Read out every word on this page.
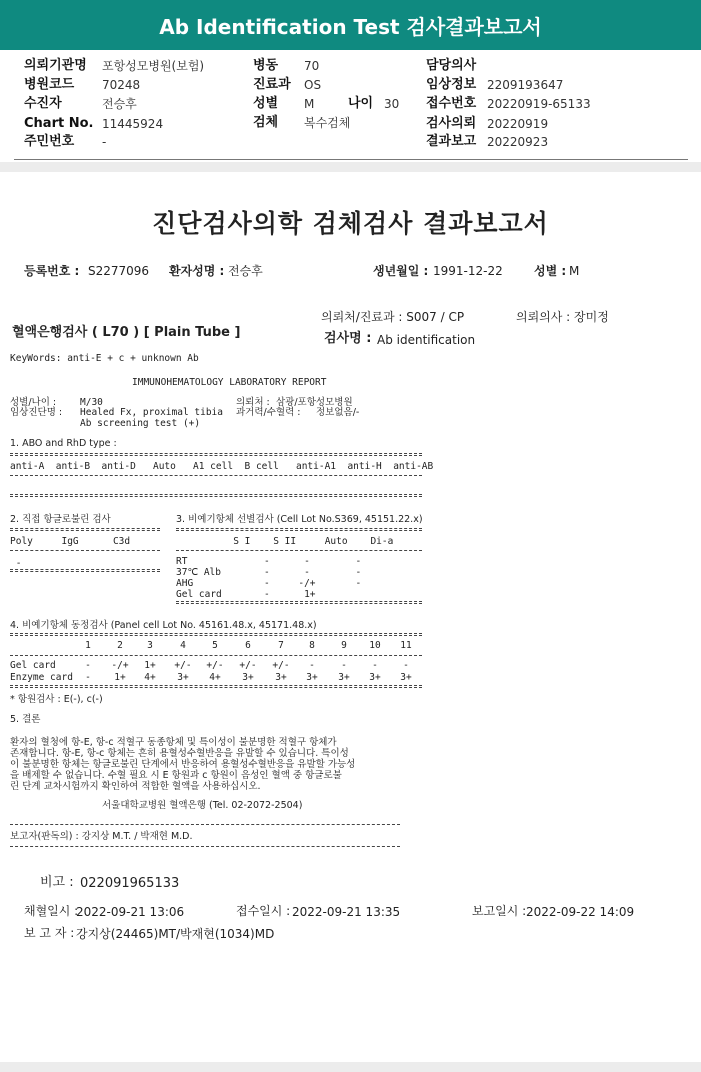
Ab Identification Test 검사결과보고서
의뢰기관명 포항성모병원(보험)
병원코드 70248
수진자	전승후
Chart No. 11445924
주민번호 -
병동 70
진료과 OS
성별 M	나이 30
검체 복수검체
담당의사
임상정보 2209193647
접수번호 20220919-65133
검사의뢰 20220919
결과보고 20220923
진단검사의학 검체검사 결과보고서
등록번호 : S2277096 환자성명 : 전승후	생년월일 : 1991-12-22	성별 : M
의뢰처/진료과 : S007 / CP	의뢰의사 : 장미정
혈액은행검사 ( L70 ) [ Plain Tube ]	검사명 : Ab identification
KeyWords: anti-E + c + unknown Ab
IMMUNOHEMATOLOGY LABORATORY REPORT
성별/나이 :	M/30
임상진단명 : Healed Fx, proximal tibia
Ab screening test (+)
의뢰처 : 삼광/포항성모병원
과거력/수혈력 : 정보없음/-
1. ABO and RhD type :
anti-A  anti-B  anti-D   Auto   A1 cell  B cell   anti-A1  anti-H  anti-AB
2. 직접 항글로불린 검사
Poly     IgG      C3d
-
3. 비예기항체 선별검사 (Cell Lot No.S369, 45151.22.x)
S I    S II     Auto    Di-a
RT	-      -        -
37℃ Alb -      -        -
AHG	-     -/+       -
Gel card -      1+
4. 비예기항체 동정검사 (Panel cell Lot No. 45161.48.x, 45171.48.x)
1	2	3	4	5	6	7	8	9	10	11
Gel card	-	-/+	1+	+/-	+/-	+/-	+/-	-	-	-	-
Enzyme card	-	1+	4+	3+	4+	3+	3+	3+	3+	3+	3+
* 항원검사 : E(-), c(-)
5. 결론
환자의 혈청에 항-E, 항-c 적혈구 동종항체 및 특이성이 불분명한 적혈구 항체가
존재합니다. 항-E, 항-c 항체는 흔히 용혈성수혈반응을 유발할 수 있습니다. 특이성
이 불분명한 항체는 항글로불린 단계에서 반응하여 용혈성수혈반응을 유발할 가능성
을 배제할 수 없습니다. 수혈 필요 시 E 항원과 c 항원이 음성인 혈액 중 항글로불
린 단계 교차시험까지 확인하여 적합한 혈액을 사용하십시오.
서울대학교병원 혈액은행 (Tel. 02-2072-2504)
보고자(판독의) : 강지상 M.T. / 박재현 M.D.
비고 : 022091965133
채혈일시 :
2022-09-21 13:06	접수일시 : 2022-09-21 13:35	보고일시 : 2022-09-22 14:09
보 고 자 : 강지상(24465)MT/박재현(1034)MD
